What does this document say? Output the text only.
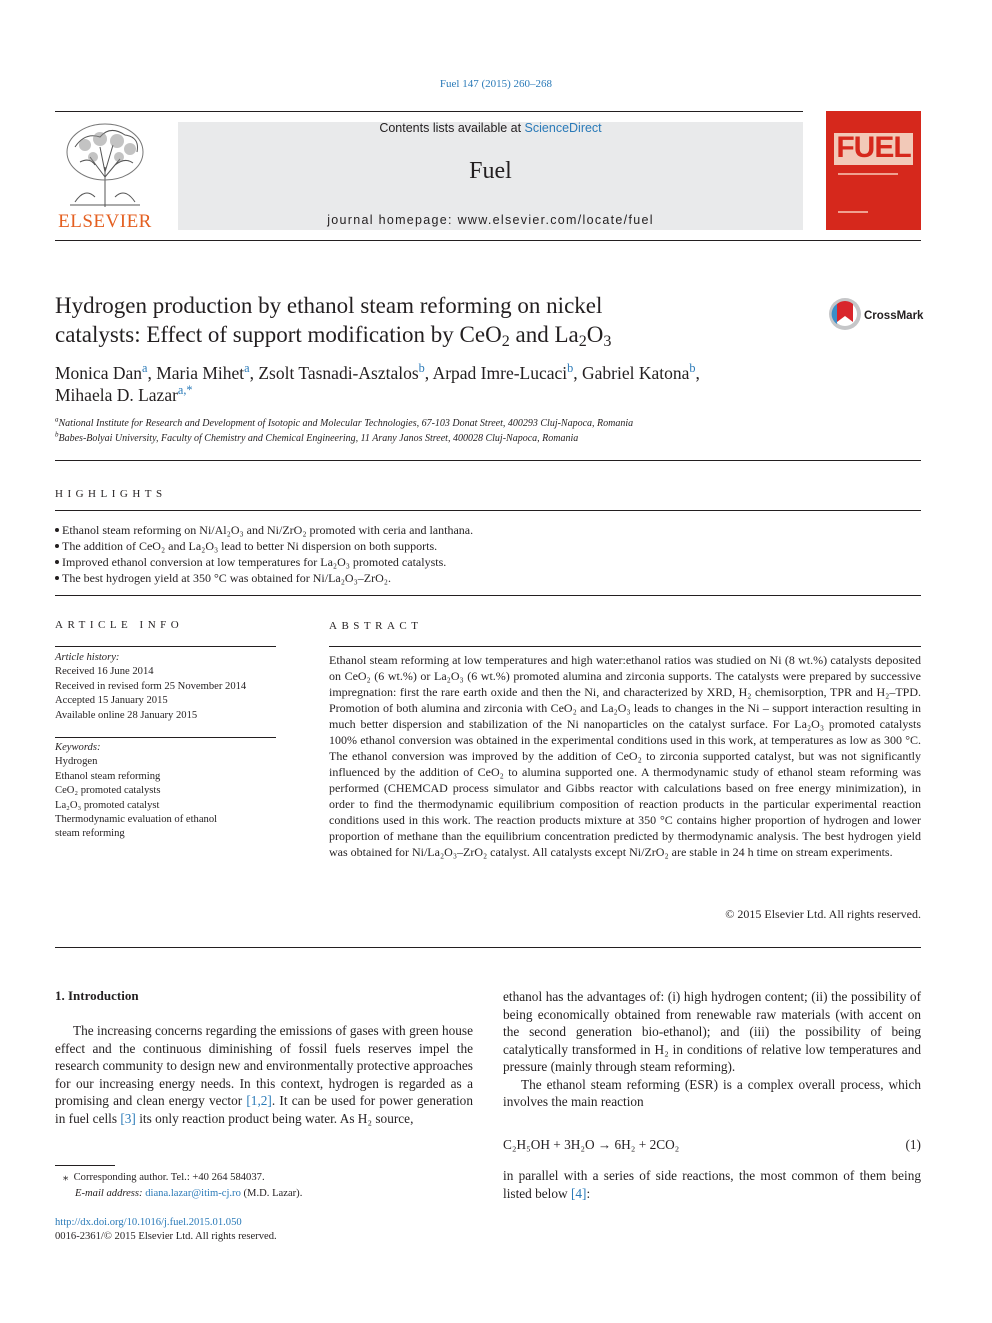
Fuel 147 (2015) 260–268
ELSEVIER
Contents lists available at ScienceDirect
Fuel
journal homepage: www.elsevier.com/locate/fuel
FUEL
Hydrogen production by ethanol steam reforming on nickel
catalysts: Effect of support modification by CeO$_2$ and $La_2O_3$
CrossMark
Monica Dan$^a$, Maria Mihet$^a$, Zsolt Tasnadi-Asztalos$^b$, Arpad Imre-Lucaci$^b$, Gabriel Katona$^b$,
Mihaela D. Lazar$^{a,*}$
$^a$National Institute for Research and Development of Isotopic and Molecular Technologies, 67-103 Donat Street, 400293 Cluj-Napoca, Romania
$^b$Babes-Bolyai University, Faculty of Chemistry and Chemical Engineering, 11 Arany Janos Street, 400028 Cluj-Napoca, Romania
HIGHLIGHTS
Ethanol steam reforming on Ni/Al₂O₃ and Ni/ZrO₂ promoted with ceria and lanthana.
The addition of CeO₂ and La₂O₃ lead to better Ni dispersion on both supports.
Improved ethanol conversion at low temperatures for La₂O₃ promoted catalysts.
The best hydrogen yield at 350 °C was obtained for Ni/La₂O₃–ZrO₂.
ARTICLE INFO
Article history:
Received 16 June 2014
Received in revised form 25 November 2014
Accepted 15 January 2015
Available online 28 January 2015
Keywords:
Hydrogen
Ethanol steam reforming
CeO₂ promoted catalysts
La₂O₃ promoted catalyst
Thermodynamic evaluation of ethanol
steam reforming
ABSTRACT
Ethanol steam reforming at low temperatures and high water:ethanol ratios was studied on Ni (8 wt.%) catalysts deposited on CeO₂ (6 wt.%) or La₂O₃ (6 wt.%) promoted alumina and zirconia supports. The catalysts were prepared by successive impregnation: first the rare earth oxide and then the Ni, and characterized by XRD, H₂ chemisorption, TPR and H₂–TPD. Promotion of both alumina and zirconia with CeO₂ and La₂O₃ leads to changes in the Ni – support interaction resulting in much better dispersion and stabilization of the Ni nanoparticles on the catalyst surface. For La₂O₃ promoted catalysts 100% ethanol conversion was obtained in the experimental conditions used in this work, at temperatures as low as 300 °C. The ethanol conversion was improved by the addition of CeO₂ to zirconia supported catalyst, but was not significantly influenced by the addition of CeO₂ to alumina supported one. A thermodynamic study of ethanol steam reforming was performed (CHEMCAD process simulator and Gibbs reactor with calculations based on free energy minimization), in order to find the thermodynamic equilibrium composition of reaction products in the particular experimental reaction conditions used in this work. The reaction products mixture at 350 °C contains higher proportion of hydrogen and lower proportion of methane than the equilibrium concentration predicted by thermodynamic analysis. The best hydrogen yield was obtained for Ni/La₂O₃–ZrO₂ catalyst. All catalysts except Ni/ZrO₂ are stable in 24 h time on stream experiments.
© 2015 Elsevier Ltd. All rights reserved.
1. Introduction
The increasing concerns regarding the emissions of gases with green house effect and the continuous diminishing of fossil fuels reserves impel the research community to design new and environmentally protective approaches for our increasing energy needs. In this context, hydrogen is regarded as a promising and clean energy vector [1,2]. It can be used for power generation in fuel cells [3] its only reaction product being water. As H₂ source,
ethanol has the advantages of: (i) high hydrogen content; (ii) the possibility of being economically obtained from renewable raw materials (with accent on the second generation bio-ethanol); and (iii) the possibility of being catalytically transformed in H₂ in conditions of relative low temperatures and pressure (mainly through steam reforming).
The ethanol steam reforming (ESR) is a complex overall process, which involves the main reaction
C₂H₅OH + 3H₂O → 6H₂ + 2CO₂	(1)
in parallel with a series of side reactions, the most common of them being listed below [4]:
⁎ Corresponding author. Tel.: +40 264 584037.
E-mail address: diana.lazar@itim-cj.ro (M.D. Lazar).
http://dx.doi.org/10.1016/j.fuel.2015.01.050
0016-2361/© 2015 Elsevier Ltd. All rights reserved.
